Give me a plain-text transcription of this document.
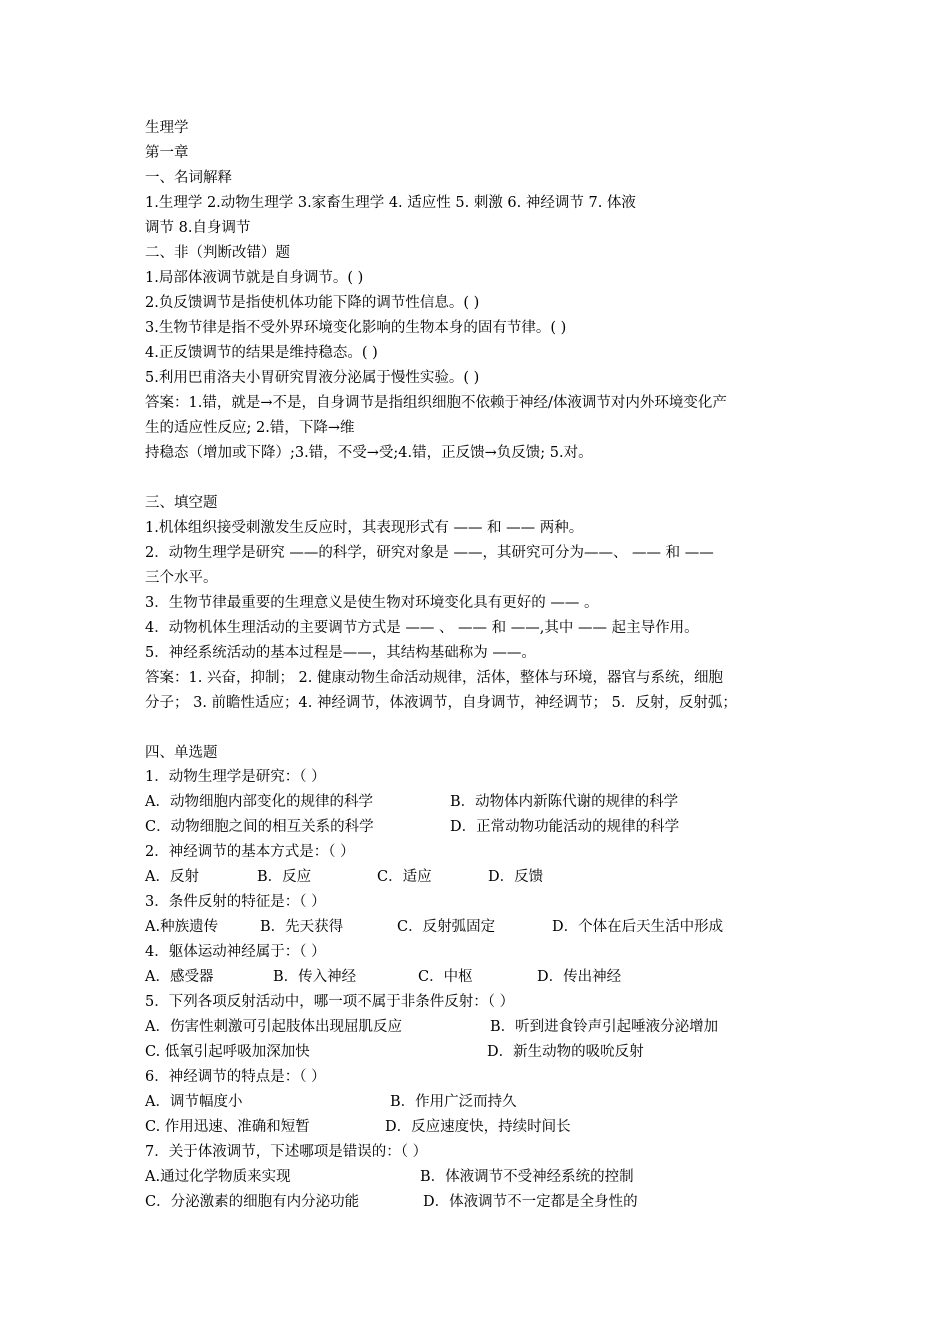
生理学
第一章
一、名词解释
1.生理学 2.动物生理学 3.家畜生理学 4. 适应性 5. 刺激 6. 神经调节 7. 体液
调节 8.自身调节
二、非（判断改错）题
1.局部体液调节就是自身调节。( )
2.负反馈调节是指使机体功能下降的调节性信息。( )
3.生物节律是指不受外界环境变化影响的生物本身的固有节律。( )
4.正反馈调节的结果是维持稳态。( )
5.利用巴甫洛夫小胃研究胃液分泌属于慢性实验。( )
答案：1.错，就是→不是，自身调节是指组织细胞不依赖于神经/体液调节对内外环境变化产
生的适应性反应; 2.错，下降→维
持稳态（增加或下降）;3.错，不受→受;4.错，正反馈→负反馈; 5.对。
三、填空题
1.机体组织接受刺激发生反应时，其表现形式有 —— 和 —— 两种。
2．动物生理学是研究 ——的科学，研究对象是 ——，其研究可分为——、 —— 和 ——
三个水平。
3．生物节律最重要的生理意义是使生物对环境变化具有更好的 —— 。
4．动物机体生理活动的主要调节方式是 —— 、 —— 和 ——,其中 —— 起主导作用。
5．神经系统活动的基本过程是——，其结构基础称为 ——。
答案：1. 兴奋，抑制； 2. 健康动物生命活动规律，活体，整体与环境，器官与系统，细胞
分子； 3. 前瞻性适应；4. 神经调节，体液调节，自身调节，神经调节； 5．反射，反射弧；
四、单选题
1．动物生理学是研究：（ ）
A．动物细胞内部变化的规律的科学	B．动物体内新陈代谢的规律的科学
C．动物细胞之间的相互关系的科学	D．正常动物功能活动的规律的科学
2．神经调节的基本方式是：（ ）
A．反射	B．反应	C．适应	D．反馈
3．条件反射的特征是：（ ）
A.种族遗传	B．先天获得	C．反射弧固定	D．个体在后天生活中形成
4．躯体运动神经属于：（ ）
A．感受器	B．传入神经	C．中枢	D．传出神经
5．下列各项反射活动中，哪一项不属于非条件反射：（ ）
A．伤害性刺激可引起肢体出现屈肌反应	B．听到进食铃声引起唾液分泌增加
C. 低氧引起呼吸加深加快	D．新生动物的吸吮反射
6．神经调节的特点是：（ ）
A．调节幅度小	B．作用广泛而持久
C. 作用迅速、准确和短暂	D．反应速度快，持续时间长
7．关于体液调节，下述哪项是错误的：（ ）
A.通过化学物质来实现	B．体液调节不受神经系统的控制
C．分泌激素的细胞有内分泌功能	D．体液调节不一定都是全身性的
